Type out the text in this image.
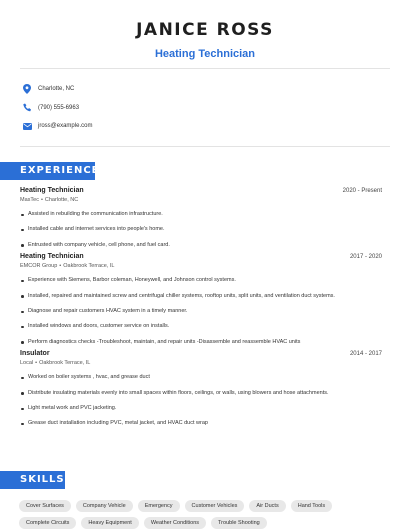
JANICE ROSS
Heating Technician
Charlotte, NC
(790) 555-6963
jross@example.com
EXPERIENCE
Heating Technician	2020 - Present
MasTec • Charlotte, NC
Assisted in rebuilding the communication infrastructure.
Installed cable and internet services into people's home.
Entrusted with company vehicle, cell phone, and fuel card.
Heating Technician	2017 - 2020
EMCOR Group • Oakbrook Terrace, IL
Experience with Siemens, Barbor coleman, Honeywell, and Johnson control systems.
Installed, repaired and maintained screw and centrifugal chiller systems, rooftop units, split units, and ventilation duct systems.
Diagnose and repair customers HVAC system in a timely manner.
Installed windows and doors, customer service on installs.
Perform diagnostics checks -Troubleshoot, maintain, and repair units -Disassemble and reassemble HVAC units
Insulator	2014 - 2017
Local • Oakbrook Terrace, IL
Worked on boiler systems , hvac, and grease duct
Distribute insulating materials evenly into small spaces within floors, ceilings, or walls, using blowers and hose attachments.
Light metal work and PVC jacketing.
Grease duct installation including PVC, metal jacket, and HVAC duct wrap
SKILLS
Cover Surfaces	Company Vehicle	Emergency	Customer Vehicles	Air Ducts	Hand Tools
Complete Circuits	Heavy Equipment	Weather Conditions	Trouble Shooting
